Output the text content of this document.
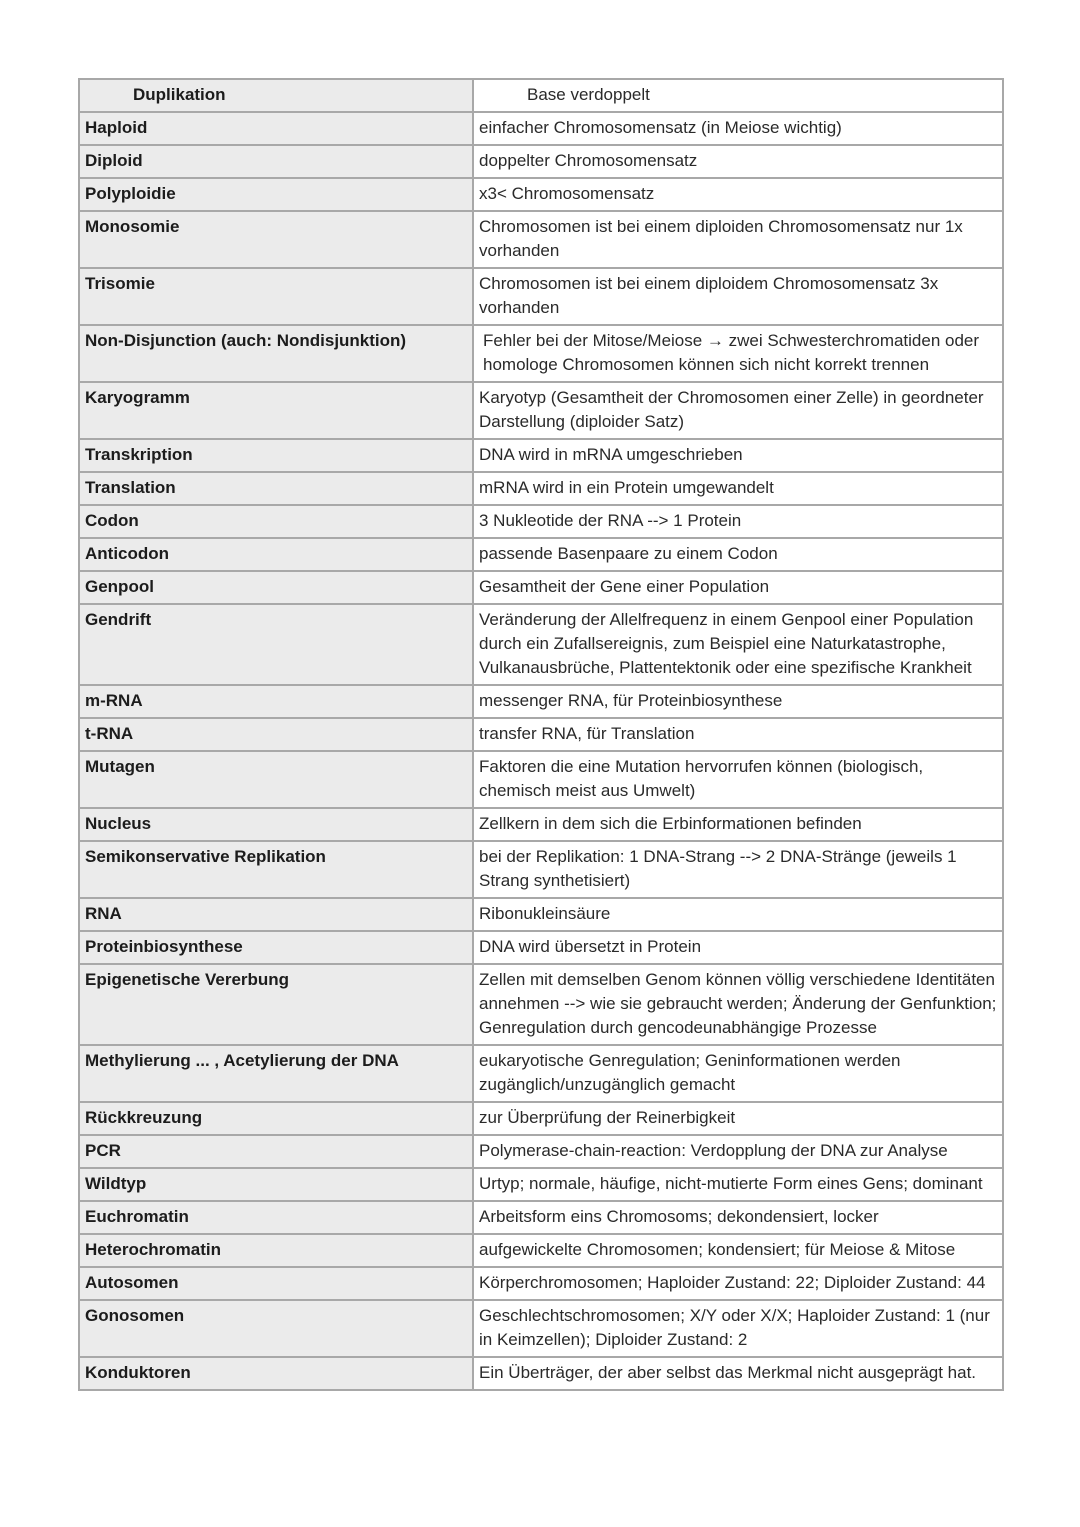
Duplikation	Base verdoppelt
Haploid	einfacher Chromosomensatz (in Meiose wichtig)
Diploid	doppelter Chromosomensatz
Polyploidie	x3< Chromosomensatz
Monosomie	Chromosomen ist bei einem diploiden Chromosomensatz nur 1x vorhanden
Trisomie	Chromosomen ist bei einem diploidem Chromosomensatz 3x vorhanden
Non-Disjunction (auch: Nondisjunktion)	Fehler bei der Mitose/Meiose → zwei Schwesterchromatiden oder homologe Chromosomen können sich nicht korrekt trennen
Karyogramm	Karyotyp (Gesamtheit der Chromosomen einer Zelle) in geordneter Darstellung (diploider Satz)
Transkription	DNA wird in mRNA umgeschrieben
Translation	mRNA wird in ein Protein umgewandelt
Codon	3 Nukleotide der RNA --> 1 Protein
Anticodon	passende Basenpaare zu einem Codon
Genpool	Gesamtheit der Gene einer Population
Gendrift	Veränderung der Allelfrequenz in einem Genpool einer Population durch ein Zufallsereignis, zum Beispiel eine Naturkatastrophe, Vulkanausbrüche, Plattentektonik oder eine spezifische Krankheit
m-RNA	messenger RNA, für Proteinbiosynthese
t-RNA	transfer RNA, für Translation
Mutagen	Faktoren die eine Mutation hervorrufen können (biologisch, chemisch meist aus Umwelt)
Nucleus	Zellkern in dem sich die Erbinformationen befinden
Semikonservative Replikation	bei der Replikation: 1 DNA-Strang --> 2 DNA-Stränge (jeweils 1 Strang synthetisiert)
RNA	Ribonukleinsäure
Proteinbiosynthese	DNA wird übersetzt in Protein
Epigenetische Vererbung	Zellen mit demselben Genom können völlig verschiedene Identitäten annehmen --> wie sie gebraucht werden; Änderung der Genfunktion; Genregulation durch gencodeunabhängige Prozesse
Methylierung ... , Acetylierung der DNA	eukaryotische Genregulation; Geninformationen werden zugänglich/unzugänglich gemacht
Rückkreuzung	zur Überprüfung der Reinerbigkeit
PCR	Polymerase-chain-reaction: Verdopplung der DNA zur Analyse
Wildtyp	Urtyp; normale, häufige, nicht-mutierte Form eines Gens; dominant
Euchromatin	Arbeitsform eins Chromosoms; dekondensiert, locker
Heterochromatin	aufgewickelte Chromosomen; kondensiert; für Meiose & Mitose
Autosomen	Körperchromosomen; Haploider Zustand: 22; Diploider Zustand: 44
Gonosomen	Geschlechtschromosomen; X/Y oder X/X; Haploider Zustand: 1 (nur in Keimzellen); Diploider Zustand: 2
Konduktoren	Ein Überträger, der aber selbst das Merkmal nicht ausgeprägt hat.
